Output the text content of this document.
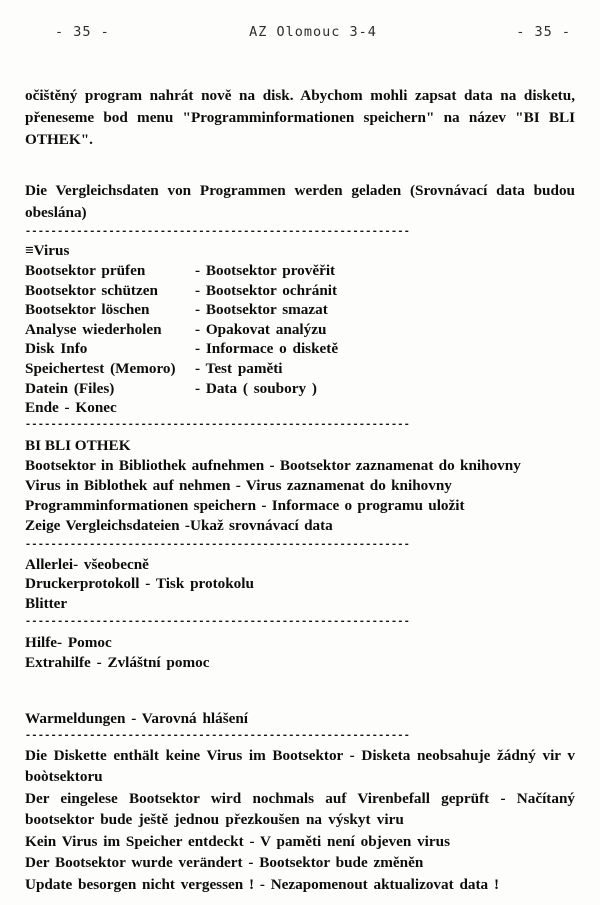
- 35 -	AZ Olomouc 3-4	- 35 -
očištěný program nahrát nově na disk. Abychom mohli zapsat data na disketu, přeneseme bod menu "Programminformationen speichern" na název "BI BLI OTHEK".
Die Vergleichsdaten von Programmen werden geladen (Srovnávací data budou obeslána)
------------------------------------------------------------
≡Virus
Bootsektor prüfen	- Bootsektor prověřit
Bootsektor schützen	- Bootsektor ochránit
Bootsektor löschen	- Bootsektor smazat
Analyse wiederholen	- Opakovat analýzu
Disk Info	- Informace o disketě
Speichertest (Memoro)	- Test paměti
Datein (Files)	- Data ( soubory )
Ende - Konec
------------------------------------------------------------
BI BLI OTHEK
Bootsektor in Bibliothek aufnehmen - Bootsektor zaznamenat do knihovny
Virus in Biblothek auf nehmen - Virus zaznamenat do knihovny
Programminformationen speichern - Informace o programu uložit
Zeige Vergleichsdateien -Ukaž srovnávací data
------------------------------------------------------------
Allerlei- všeobecně
Druckerprotokoll - Tisk protokolu
Blitter
------------------------------------------------------------
Hilfe- Pomoc
Extrahilfe - Zvláštní pomoc
Warmeldungen - Varovná hlášení
------------------------------------------------------------
Die Diskette enthält keine Virus im Bootsektor - Disketa neobsahuje žádný vir v boòtsektoru
Der eingelese Bootsektor wird nochmals auf Virenbefall geprüft - Načítaný bootsektor bude ještě jednou přezkoušen na výskyt viru
Kein Virus im Speicher entdeckt - V paměti není objeven virus
Der Bootsektor wurde verändert - Bootsektor bude změněn
Update besorgen nicht vergessen ! - Nezapomenout aktualizovat data !
